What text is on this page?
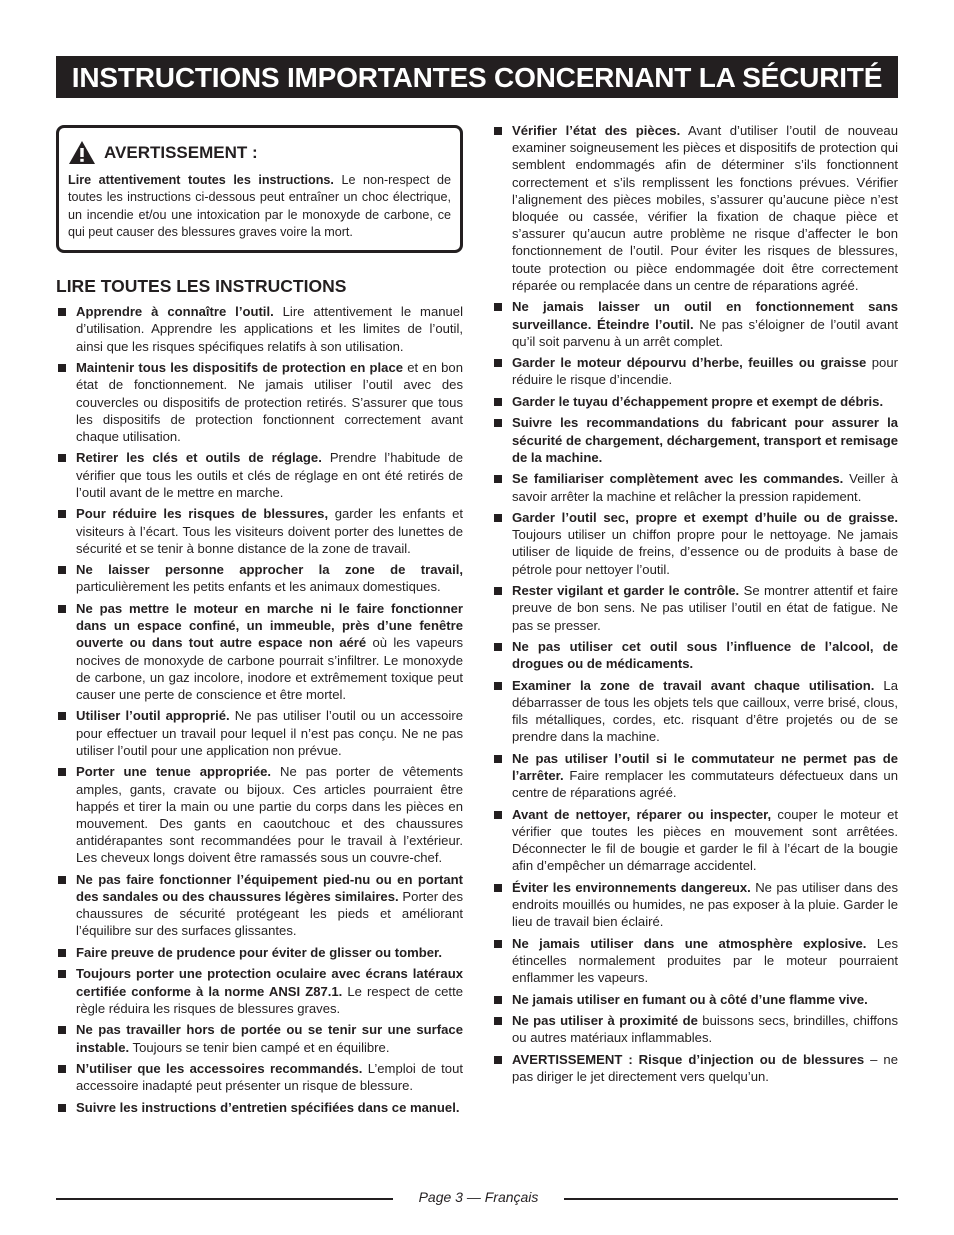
INSTRUCTIONS IMPORTANTES CONCERNANT LA SÉCURITÉ
AVERTISSEMENT :
Lire attentivement toutes les instructions. Le non-respect de toutes les instructions ci-dessous peut entraîner un choc électrique, un incendie et/ou une intoxication par le monoxyde de carbone, ce qui peut causer des blessures graves voire la mort.
LIRE TOUTES LES INSTRUCTIONS
Apprendre à connaître l’outil. Lire attentivement le manuel d’utilisation. Apprendre les applications et les limites de l’outil, ainsi que les risques spécifiques relatifs à son utilisation.
Maintenir tous les dispositifs de protection en place et en bon état de fonctionnement. Ne jamais utiliser l’outil avec des couvercles ou dispositifs de protection retirés. S’assurer que tous les dispositifs de protection fonctionnent correctement avant chaque utilisation.
Retirer les clés et outils de réglage. Prendre l’habitude de vérifier que tous les outils et clés de réglage en ont été retirés de l’outil avant de le mettre en marche.
Pour réduire les risques de blessures, garder les enfants et visiteurs à l’écart. Tous les visiteurs doivent porter des lunettes de sécurité et se tenir à bonne distance de la zone de travail.
Ne laisser personne approcher la zone de travail, particulièrement les petits enfants et les animaux domestiques.
Ne pas mettre le moteur en marche ni le faire fonctionner dans un espace confiné, un immeuble, près d’une fenêtre ouverte ou dans tout autre espace non aéré où les vapeurs nocives de monoxyde de carbone pourrait s’infiltrer. Le monoxyde de carbone, un gaz incolore, inodore et extrêmement toxique peut causer une perte de conscience et être mortel.
Utiliser l’outil approprié. Ne pas utiliser l’outil ou un accessoire pour effectuer un travail pour lequel il n’est pas conçu. Ne ne pas utiliser l’outil pour une application non prévue.
Porter une tenue appropriée. Ne pas porter de vêtements amples, gants, cravate ou bijoux. Ces articles pourraient être happés et tirer la main ou une partie du corps dans les pièces en mouvement. Des gants en caoutchouc et des chaussures antidérapantes sont recommandées pour le travail à l’extérieur. Les cheveux longs doivent être ramassés sous un couvre-chef.
Ne pas faire fonctionner l’équipement pied-nu ou en portant des sandales ou des chaussures légères similaires. Porter des chaussures de sécurité protégeant les pieds et améliorant l’équilibre sur des surfaces glissantes.
Faire preuve de prudence pour éviter de glisser ou tomber.
Toujours porter une protection oculaire avec écrans latéraux certifiée conforme à la norme ANSI Z87.1. Le respect de cette règle réduira les risques de blessures graves.
Ne pas travailler hors de portée ou se tenir sur une surface instable. Toujours se tenir bien campé et en équilibre.
N’utiliser que les accessoires recommandés. L’emploi de tout accessoire inadapté peut présenter un risque de blessure.
Suivre les instructions d’entretien spécifiées dans ce manuel.
Vérifier l’état des pièces. Avant d’utiliser l’outil de nouveau examiner soigneusement les pièces et dispositifs de protection qui semblent endommagés afin de déterminer s’ils fonctionnent correctement et s’ils remplissent les fonctions prévues. Vérifier l’alignement des pièces mobiles, s’assurer qu’aucune pièce n’est bloquée ou cassée, vérifier la fixation de chaque pièce et s’assurer qu’aucun autre problème ne risque d’affecter le bon fonctionnement de l’outil. Pour éviter les risques de blessures, toute protection ou pièce endommagée doit être correctement réparée ou remplacée dans un centre de réparations agréé.
Ne jamais laisser un outil en fonctionnement sans surveillance. Éteindre l’outil. Ne pas s’éloigner de l’outil avant qu’il soit parvenu à un arrêt complet.
Garder le moteur dépourvu d’herbe, feuilles ou graisse pour réduire le risque d’incendie.
Garder le tuyau d’échappement propre et exempt de débris.
Suivre les recommandations du fabricant pour assurer la sécurité de chargement, déchargement, transport et remisage de la machine.
Se familiariser complètement avec les commandes. Veiller à savoir arrêter la machine et relâcher la pression rapidement.
Garder l’outil sec, propre et exempt d’huile ou de graisse. Toujours utiliser un chiffon propre pour le nettoyage. Ne jamais utiliser de liquide de freins, d’essence ou de produits à base de pétrole pour nettoyer l’outil.
Rester vigilant et garder le contrôle. Se montrer attentif et faire preuve de bon sens. Ne pas utiliser l’outil en état de fatigue. Ne pas se presser.
Ne pas utiliser cet outil sous l’influence de l’alcool, de drogues ou de médicaments.
Examiner la zone de travail avant chaque utilisation. La débarrasser de tous les objets tels que cailloux, verre brisé, clous, fils métalliques, cordes, etc. risquant d’être projetés ou de se prendre dans la machine.
Ne pas utiliser l’outil si le commutateur ne permet pas de l’arrêter. Faire remplacer les commutateurs défectueux dans un centre de réparations agréé.
Avant de nettoyer, réparer ou inspecter, couper le moteur et vérifier que toutes les pièces en mouvement sont arrêtées. Déconnecter le fil de bougie et garder le fil à l’écart de la bougie afin d’empêcher un démarrage accidentel.
Éviter les environnements dangereux. Ne pas utiliser dans des endroits mouillés ou humides, ne pas exposer à la pluie. Garder le lieu de travail bien éclairé.
Ne jamais utiliser dans une atmosphère explosive. Les étincelles normalement produites par le moteur pourraient enflammer les vapeurs.
Ne jamais utiliser en fumant ou à côté d’une flamme vive.
Ne pas utiliser à proximité de buissons secs, brindilles, chiffons ou autres matériaux inflammables.
AVERTISSEMENT : Risque d’injection ou de blessures – ne pas diriger le jet directement vers quelqu’un.
Page 3 — Français
